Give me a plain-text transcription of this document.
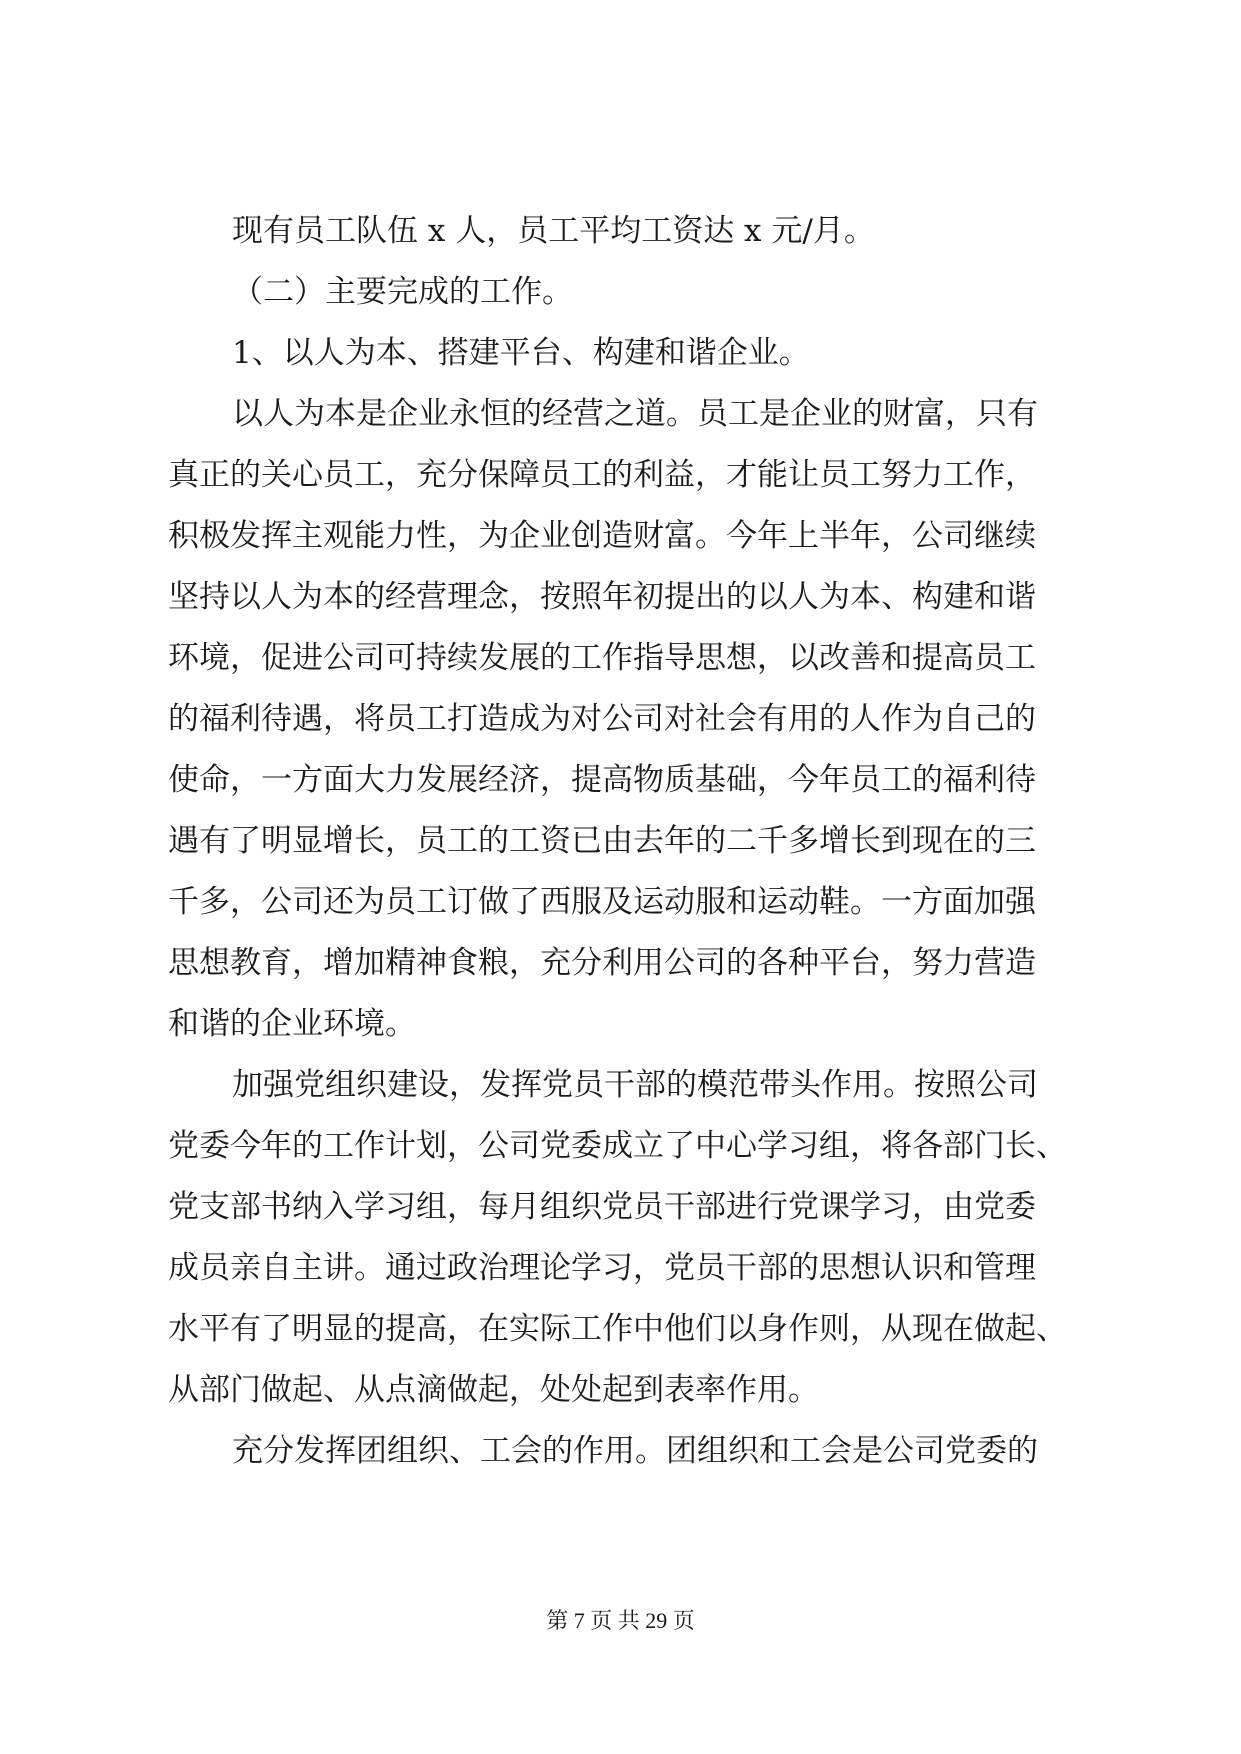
现有员工队伍 x 人，员工平均工资达 x 元/月。
（二）主要完成的工作。
1、以人为本、搭建平台、构建和谐企业。
以人为本是企业永恒的经营之道。员工是企业的财富，只有
真正的关心员工，充分保障员工的利益，才能让员工努力工作，
积极发挥主观能力性，为企业创造财富。今年上半年，公司继续
坚持以人为本的经营理念，按照年初提出的以人为本、构建和谐
环境，促进公司可持续发展的工作指导思想，以改善和提高员工
的福利待遇，将员工打造成为对公司对社会有用的人作为自己的
使命，一方面大力发展经济，提高物质基础，今年员工的福利待
遇有了明显增长，员工的工资已由去年的二千多增长到现在的三
千多，公司还为员工订做了西服及运动服和运动鞋。一方面加强
思想教育，增加精神食粮，充分利用公司的各种平台，努力营造
和谐的企业环境。
加强党组织建设，发挥党员干部的模范带头作用。按照公司
党委今年的工作计划，公司党委成立了中心学习组，将各部门长、
党支部书纳入学习组，每月组织党员干部进行党课学习，由党委
成员亲自主讲。通过政治理论学习，党员干部的思想认识和管理
水平有了明显的提高，在实际工作中他们以身作则，从现在做起、
从部门做起、从点滴做起，处处起到表率作用。
充分发挥团组织、工会的作用。团组织和工会是公司党委的
第 7 页 共 29 页
